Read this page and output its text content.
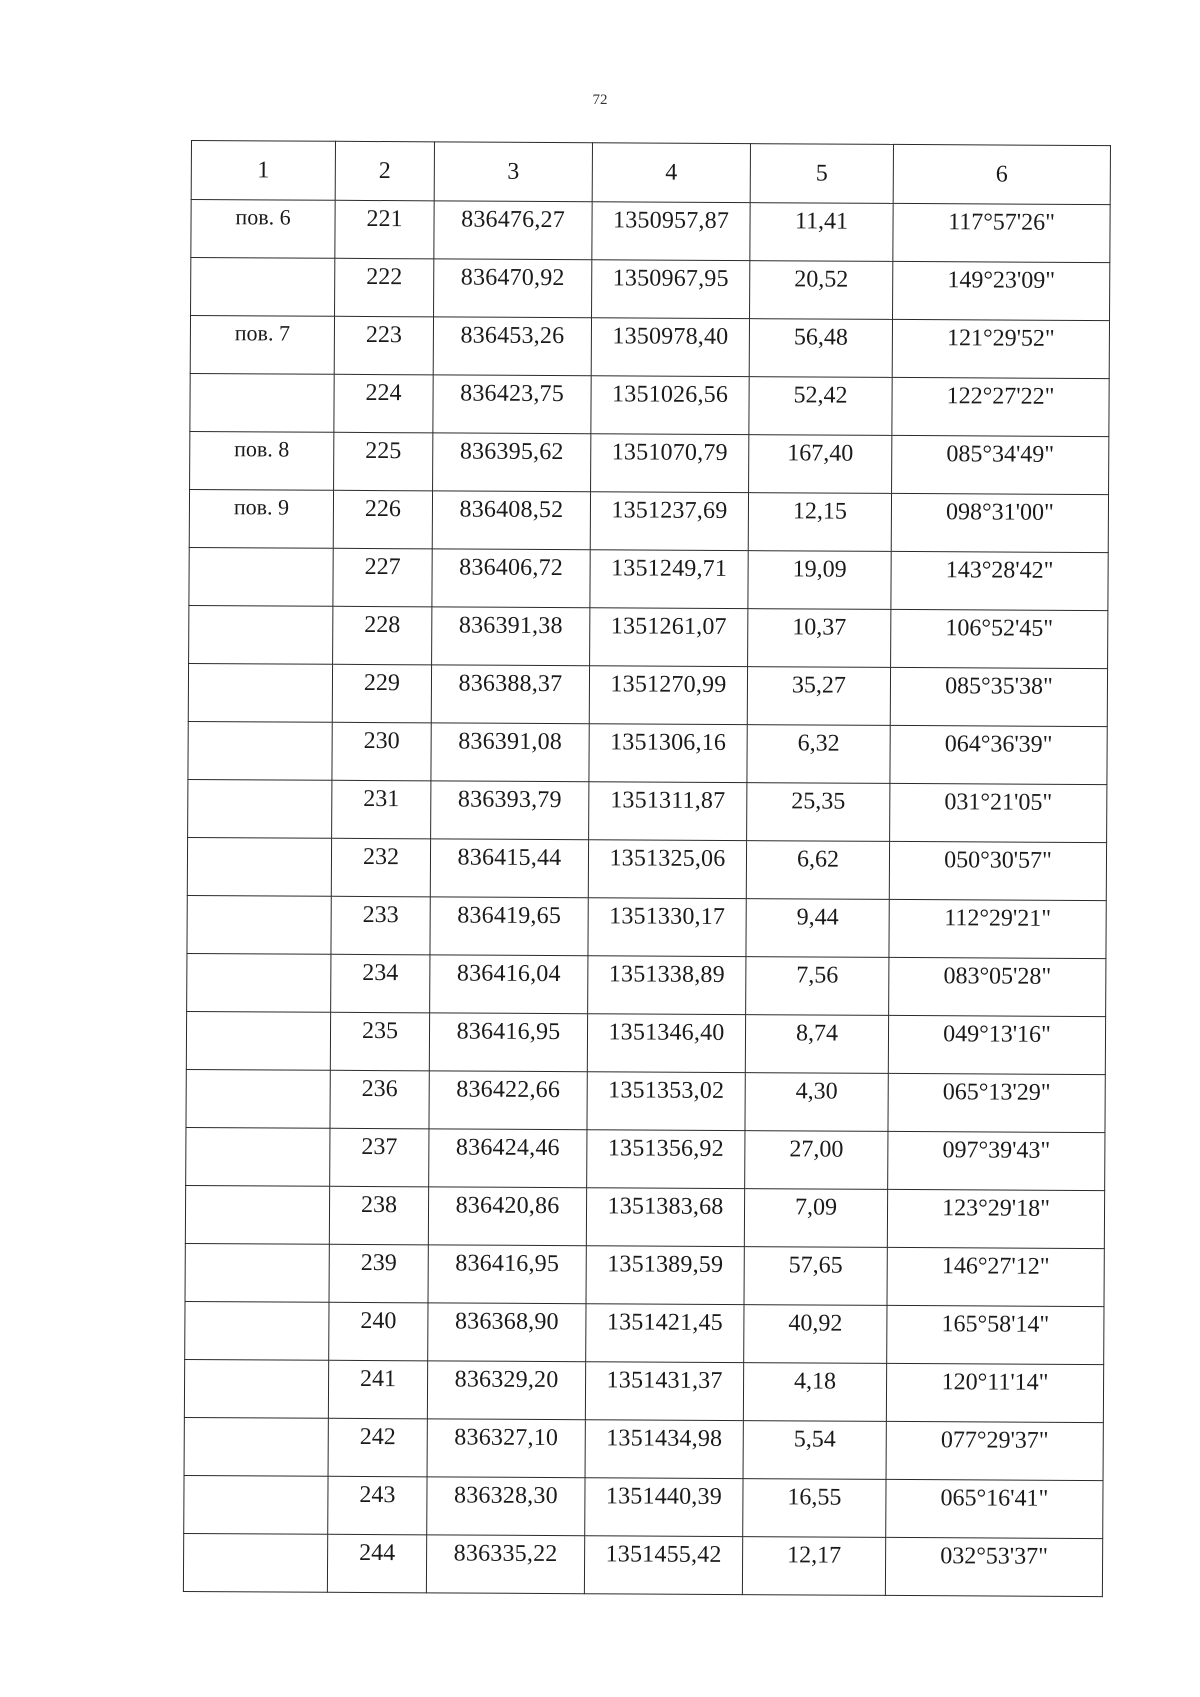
72
1	2	3	4	5	6
пов. 6	221	836476,27	1350957,87	11,41	117°57'26"
	222	836470,92	1350967,95	20,52	149°23'09"
пов. 7	223	836453,26	1350978,40	56,48	121°29'52"
	224	836423,75	1351026,56	52,42	122°27'22"
пов. 8	225	836395,62	1351070,79	167,40	085°34'49"
пов. 9	226	836408,52	1351237,69	12,15	098°31'00"
	227	836406,72	1351249,71	19,09	143°28'42"
	228	836391,38	1351261,07	10,37	106°52'45"
	229	836388,37	1351270,99	35,27	085°35'38"
	230	836391,08	1351306,16	6,32	064°36'39"
	231	836393,79	1351311,87	25,35	031°21'05"
	232	836415,44	1351325,06	6,62	050°30'57"
	233	836419,65	1351330,17	9,44	112°29'21"
	234	836416,04	1351338,89	7,56	083°05'28"
	235	836416,95	1351346,40	8,74	049°13'16"
	236	836422,66	1351353,02	4,30	065°13'29"
	237	836424,46	1351356,92	27,00	097°39'43"
	238	836420,86	1351383,68	7,09	123°29'18"
	239	836416,95	1351389,59	57,65	146°27'12"
	240	836368,90	1351421,45	40,92	165°58'14"
	241	836329,20	1351431,37	4,18	120°11'14"
	242	836327,10	1351434,98	5,54	077°29'37"
	243	836328,30	1351440,39	16,55	065°16'41"
	244	836335,22	1351455,42	12,17	032°53'37"
